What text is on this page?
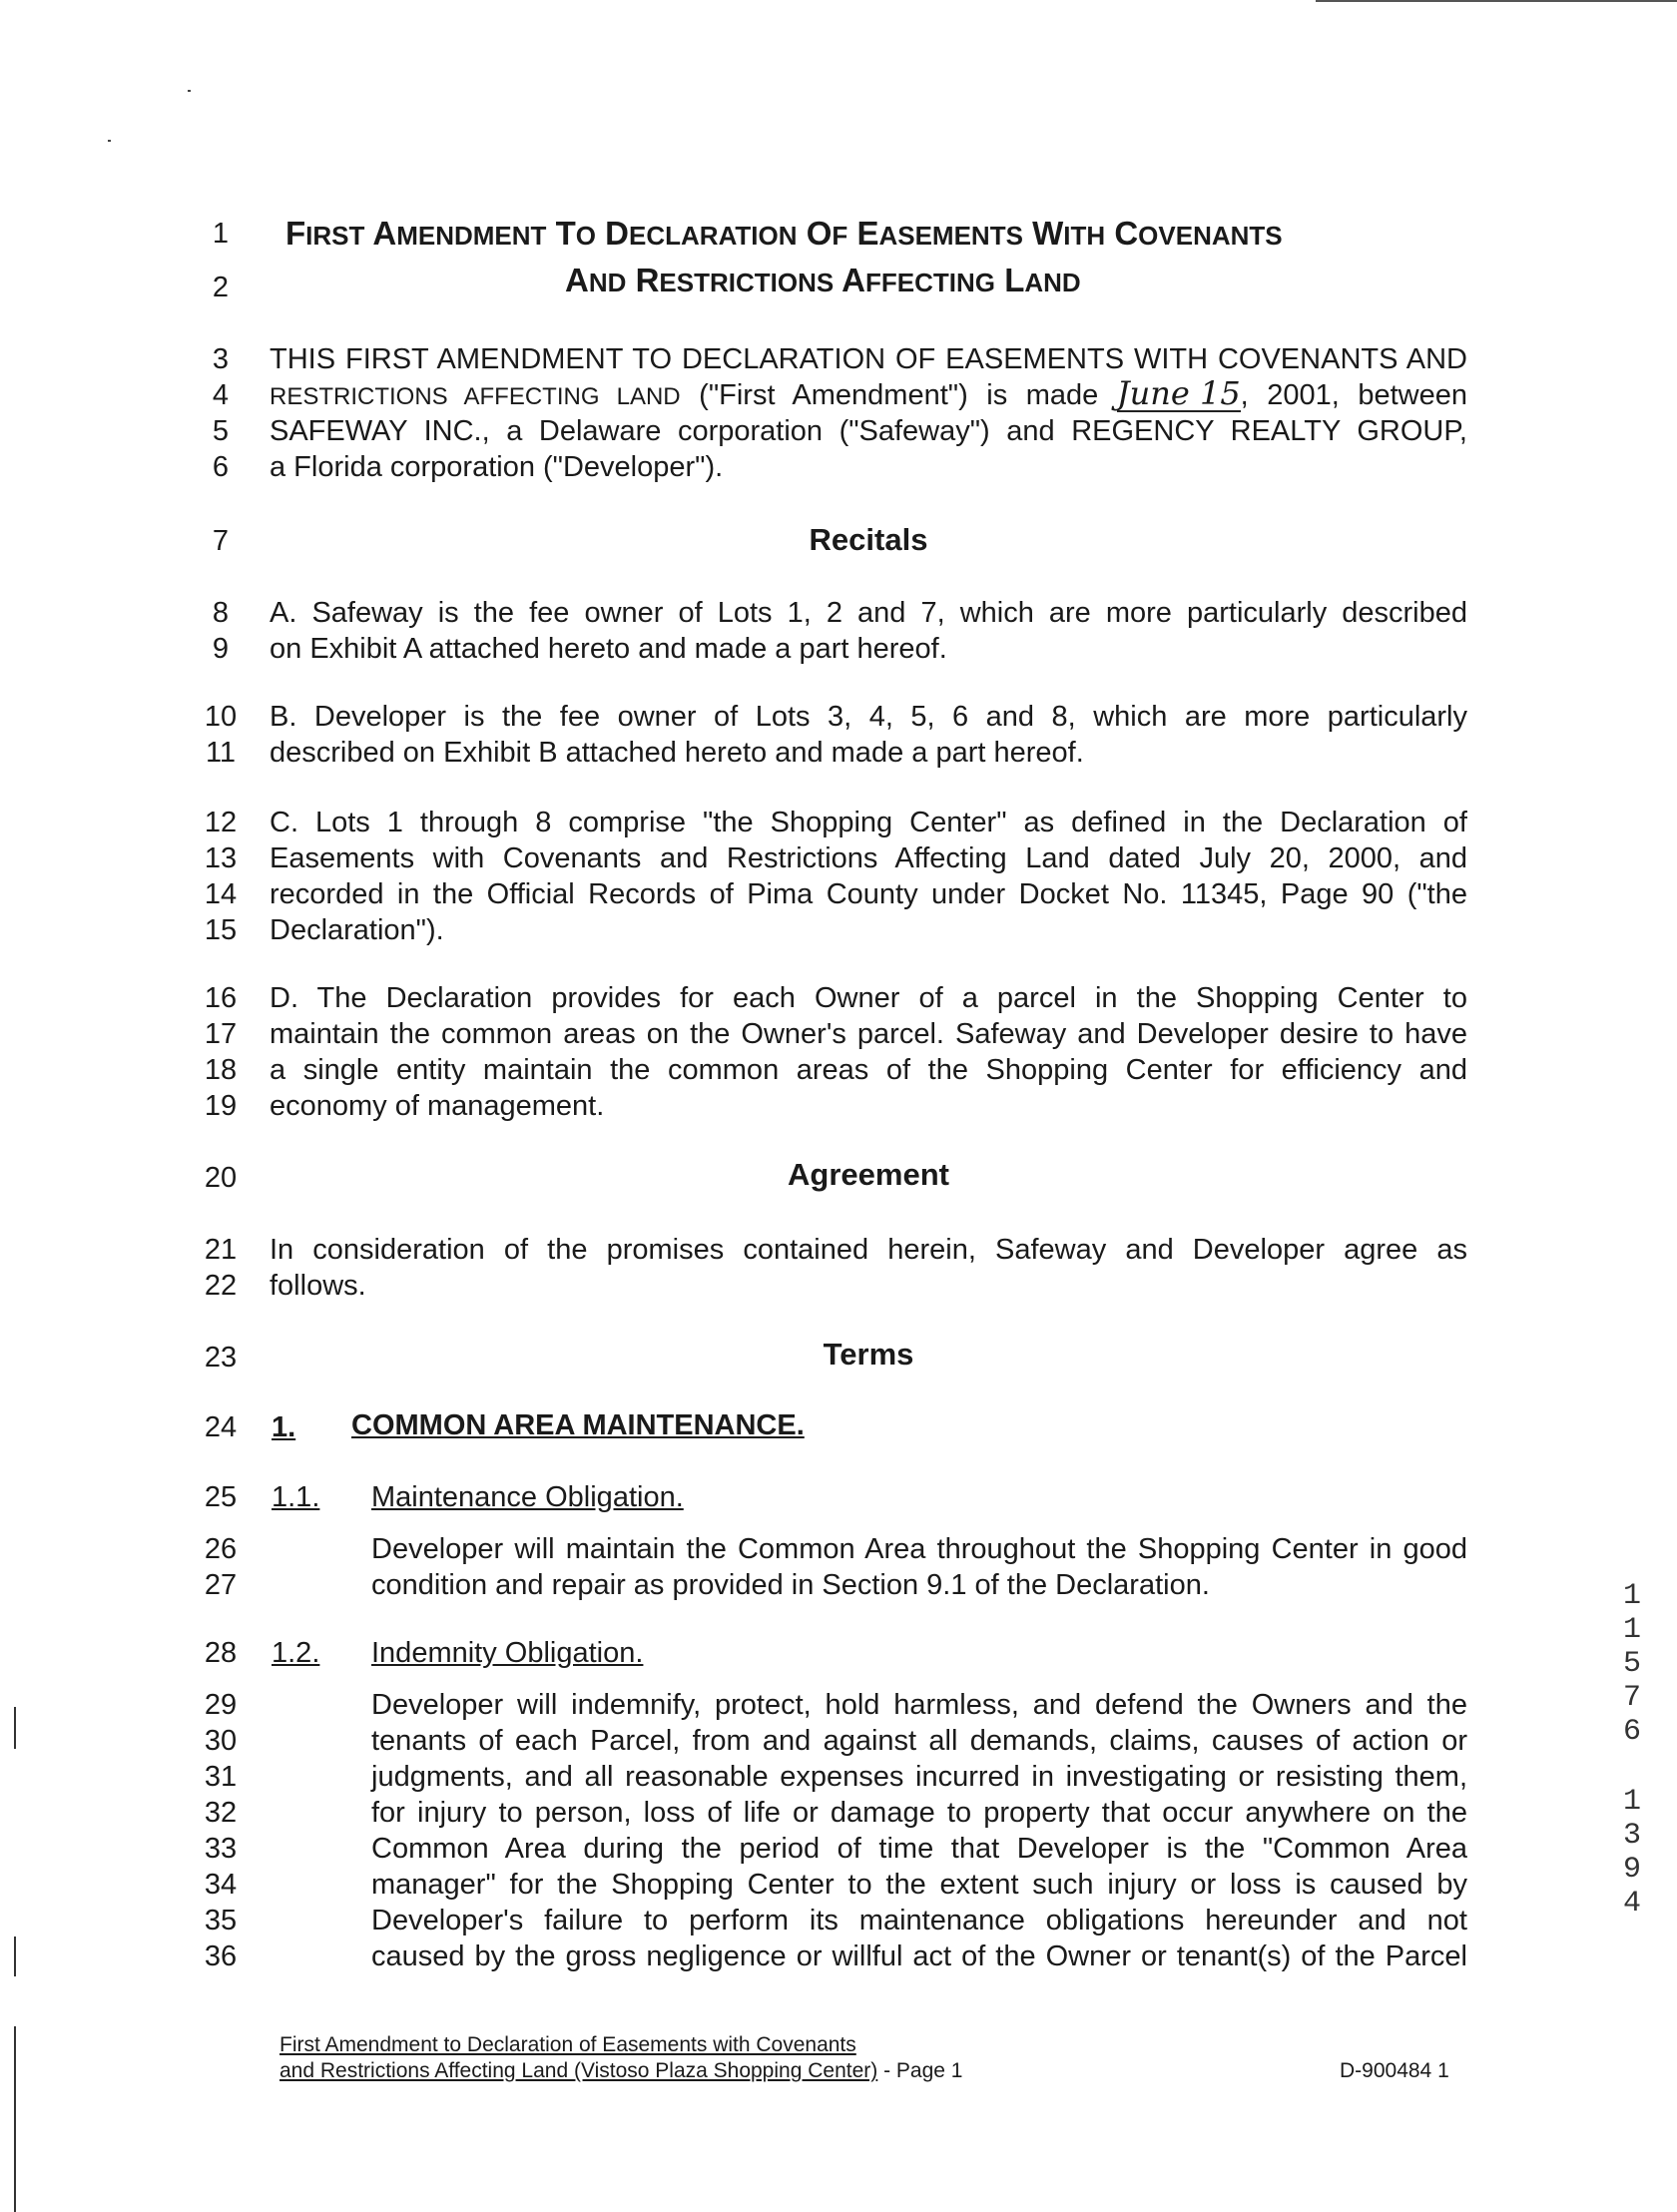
FIRST AMENDMENT TO DECLARATION OF EASEMENTS WITH COVENANTS
AND RESTRICTIONS AFFECTING LAND
1
2
3
4
5
6
7
8
9
10
11
12
13
14
15
16
17
18
19
20
21
22
23
24
25
26
27
28
29
30
31
32
33
34
35
36
THIS FIRST AMENDMENT TO DECLARATION OF EASEMENTS WITH COVENANTS AND
RESTRICTIONS AFFECTING LAND ("First Amendment") is made June 15, 2001, between
SAFEWAY INC., a Delaware corporation ("Safeway") and REGENCY REALTY GROUP,
a Florida corporation ("Developer").
Recitals
A. Safeway is the fee owner of Lots 1, 2 and 7, which are more particularly described
on Exhibit A attached hereto and made a part hereof.
B. Developer is the fee owner of Lots 3, 4, 5, 6 and 8, which are more particularly
described on Exhibit B attached hereto and made a part hereof.
C. Lots 1 through 8 comprise "the Shopping Center" as defined in the Declaration of
Easements with Covenants and Restrictions Affecting Land dated July 20, 2000, and
recorded in the Official Records of Pima County under Docket No. 11345, Page 90 ("the
Declaration").
D. The Declaration provides for each Owner of a parcel in the Shopping Center to
maintain the common areas on the Owner's parcel. Safeway and Developer desire to have
a single entity maintain the common areas of the Shopping Center for efficiency and
economy of management.
Agreement
In consideration of the promises contained herein, Safeway and Developer agree as
follows.
Terms
1. COMMON AREA MAINTENANCE.
1.1. Maintenance Obligation.
Developer will maintain the Common Area throughout the Shopping Center in good
condition and repair as provided in Section 9.1 of the Declaration.
1.2. Indemnity Obligation.
Developer will indemnify, protect, hold harmless, and defend the Owners and the
tenants of each Parcel, from and against all demands, claims, causes of action or
judgments, and all reasonable expenses incurred in investigating or resisting them,
for injury to person, loss of life or damage to property that occur anywhere on the
Common Area during the period of time that Developer is the "Common Area
manager" for the Shopping Center to the extent such injury or loss is caused by
Developer's failure to perform its maintenance obligations hereunder and not
caused by the gross negligence or willful act of the Owner or tenant(s) of the Parcel
1
1
5
7
6
1
3
9
4
First Amendment to Declaration of Easements with Covenants
and Restrictions Affecting Land (Vistoso Plaza Shopping Center) - Page 1	D-900484 1
